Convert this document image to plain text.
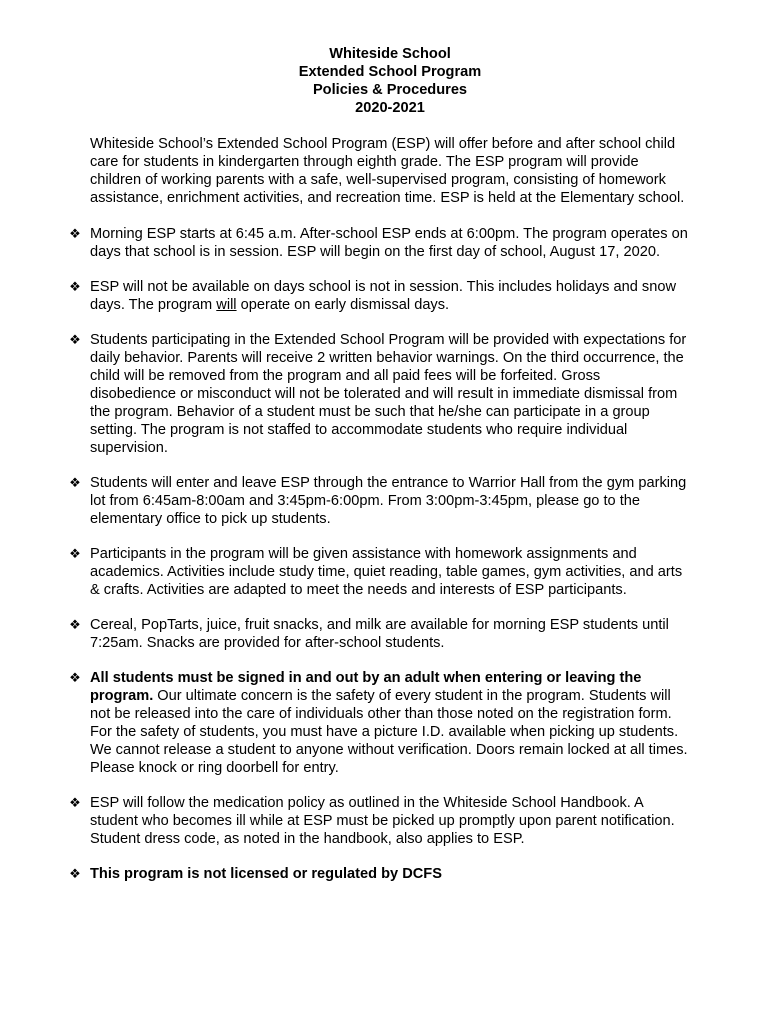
Whiteside School
Extended School Program
Policies & Procedures
2020-2021

Whiteside School’s Extended School Program (ESP) will offer before and after school child care for students in kindergarten through eighth grade. The ESP program will provide children of working parents with a safe, well-supervised program, consisting of homework assistance, enrichment activities, and recreation time. ESP is held at the Elementary school.

❖ Morning ESP starts at 6:45 a.m. After-school ESP ends at 6:00pm. The program operates on days that school is in session. ESP will begin on the first day of school, August 17, 2020.
❖ ESP will not be available on days school is not in session. This includes holidays and snow days. The program will operate on early dismissal days.
❖ Students participating in the Extended School Program will be provided with expectations for daily behavior. Parents will receive 2 written behavior warnings. On the third occurrence, the child will be removed from the program and all paid fees will be forfeited. Gross disobedience or misconduct will not be tolerated and will result in immediate dismissal from the program. Behavior of a student must be such that he/she can participate in a group setting. The program is not staffed to accommodate students who require individual supervision.
❖ Students will enter and leave ESP through the entrance to Warrior Hall from the gym parking lot from 6:45am-8:00am and 3:45pm-6:00pm. From 3:00pm-3:45pm, please go to the elementary office to pick up students.
❖ Participants in the program will be given assistance with homework assignments and academics. Activities include study time, quiet reading, table games, gym activities, and arts & crafts. Activities are adapted to meet the needs and interests of ESP participants.
❖ Cereal, PopTarts, juice, fruit snacks, and milk are available for morning ESP students until 7:25am. Snacks are provided for after-school students.
❖ All students must be signed in and out by an adult when entering or leaving the program. Our ultimate concern is the safety of every student in the program. Students will not be released into the care of individuals other than those noted on the registration form. For the safety of students, you must have a picture I.D. available when picking up students. We cannot release a student to anyone without verification. Doors remain locked at all times. Please knock or ring doorbell for entry.
❖ ESP will follow the medication policy as outlined in the Whiteside School Handbook. A student who becomes ill while at ESP must be picked up promptly upon parent notification. Student dress code, as noted in the handbook, also applies to ESP.
❖ This program is not licensed or regulated by DCFS
